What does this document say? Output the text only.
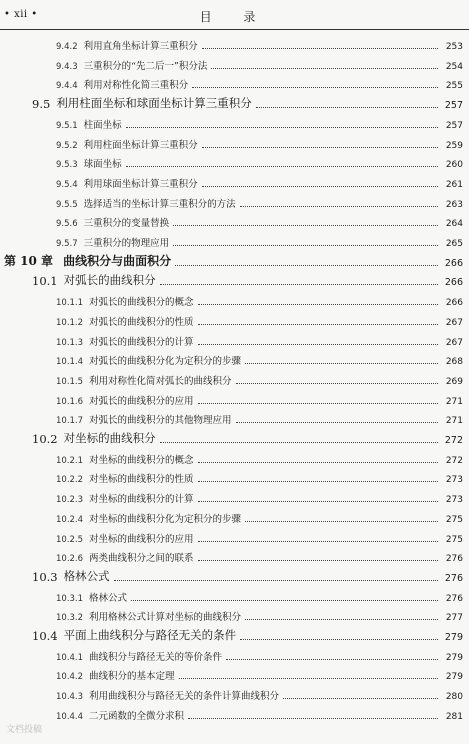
• xii •	目 录
9.4.2 利用直角坐标计算三重积分	253
9.4.3 三重积分的“先二后一”积分法	254
9.4.4 利用对称性化简三重积分	255
9.5 利用柱面坐标和球面坐标计算三重积分	257
9.5.1 柱面坐标	257
9.5.2 利用柱面坐标计算三重积分	259
9.5.3 球面坐标	260
9.5.4 利用球面坐标计算三重积分	261
9.5.5 选择适当的坐标计算三重积分的方法	263
9.5.6 三重积分的变量替换	264
9.5.7 三重积分的物理应用	265
第 10 章 曲线积分与曲面积分	266
10.1 对弧长的曲线积分	266
10.1.1 对弧长的曲线积分的概念	266
10.1.2 对弧长的曲线积分的性质	267
10.1.3 对弧长的曲线积分的计算	267
10.1.4 对弧长的曲线积分化为定积分的步骤	268
10.1.5 利用对称性化简对弧长的曲线积分	269
10.1.6 对弧长的曲线积分的应用	271
10.1.7 对弧长的曲线积分的其他物理应用	271
10.2 对坐标的曲线积分	272
10.2.1 对坐标的曲线积分的概念	272
10.2.2 对坐标的曲线积分的性质	273
10.2.3 对坐标的曲线积分的计算	273
10.2.4 对坐标的曲线积分化为定积分的步骤	275
10.2.5 对坐标的曲线积分的应用	275
10.2.6 两类曲线积分之间的联系	276
10.3 格林公式	276
10.3.1 格林公式	276
10.3.2 利用格林公式计算对坐标的曲线积分	277
10.4 平面上曲线积分与路径无关的条件	279
10.4.1 曲线积分与路径无关的等价条件	279
10.4.2 曲线积分的基本定理	279
10.4.3 利用曲线积分与路径无关的条件计算曲线积分	280
10.4.4 二元函数的全微分求积	281
文档投稿
